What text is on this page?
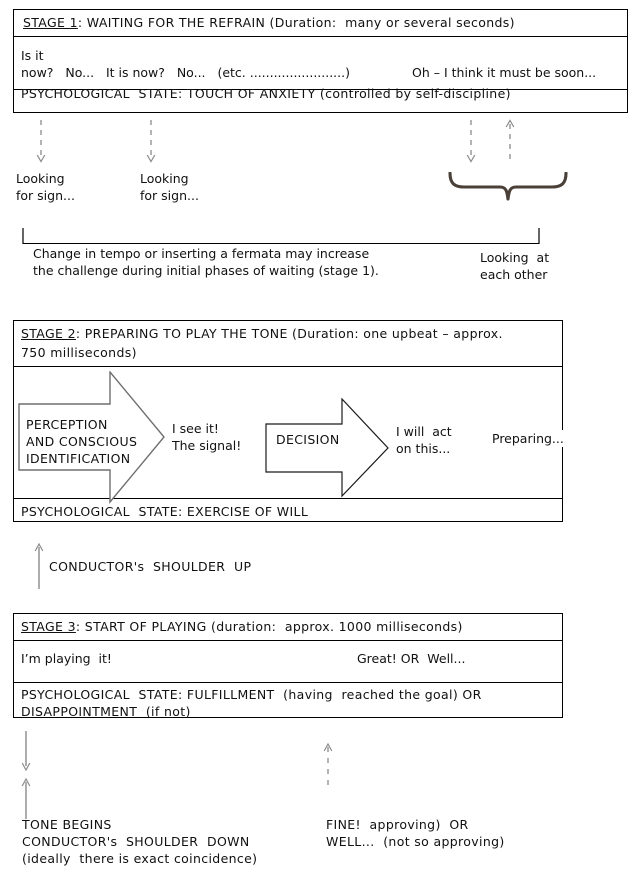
STAGE 1: WAITING FOR THE REFRAIN (Duration:  many or several seconds)
Is it
now?   No...   It is now?   No...   (etc. ........................)	Oh – I think it must be soon...
PSYCHOLOGICAL  STATE: TOUCH OF ANXIETY (controlled by self-discipline)
Looking
for sign...
Looking
for sign...
Change in tempo or inserting a fermata may increase
the challenge during initial phases of waiting (stage 1).
Looking  at
each other
STAGE 2: PREPARING TO PLAY THE TONE (Duration: one upbeat – approx.
750 milliseconds)
PERCEPTION
AND CONSCIOUS
IDENTIFICATION
I see it!
The signal!	DECISION
I will  act
on this...
Preparing...
PSYCHOLOGICAL  STATE: EXERCISE OF WILL
CONDUCTOR's  SHOULDER  UP
STAGE 3: START OF PLAYING (duration:  approx. 1000 milliseconds)
I’m playing  it!	Great! OR  Well...
PSYCHOLOGICAL  STATE: FULFILLMENT  (having  reached the goal) OR
DISAPPOINTMENT  (if not)
TONE BEGINS
CONDUCTOR's  SHOULDER  DOWN
(ideally  there is exact coincidence)
FINE!  approving)  OR
WELL...  (not so approving)
